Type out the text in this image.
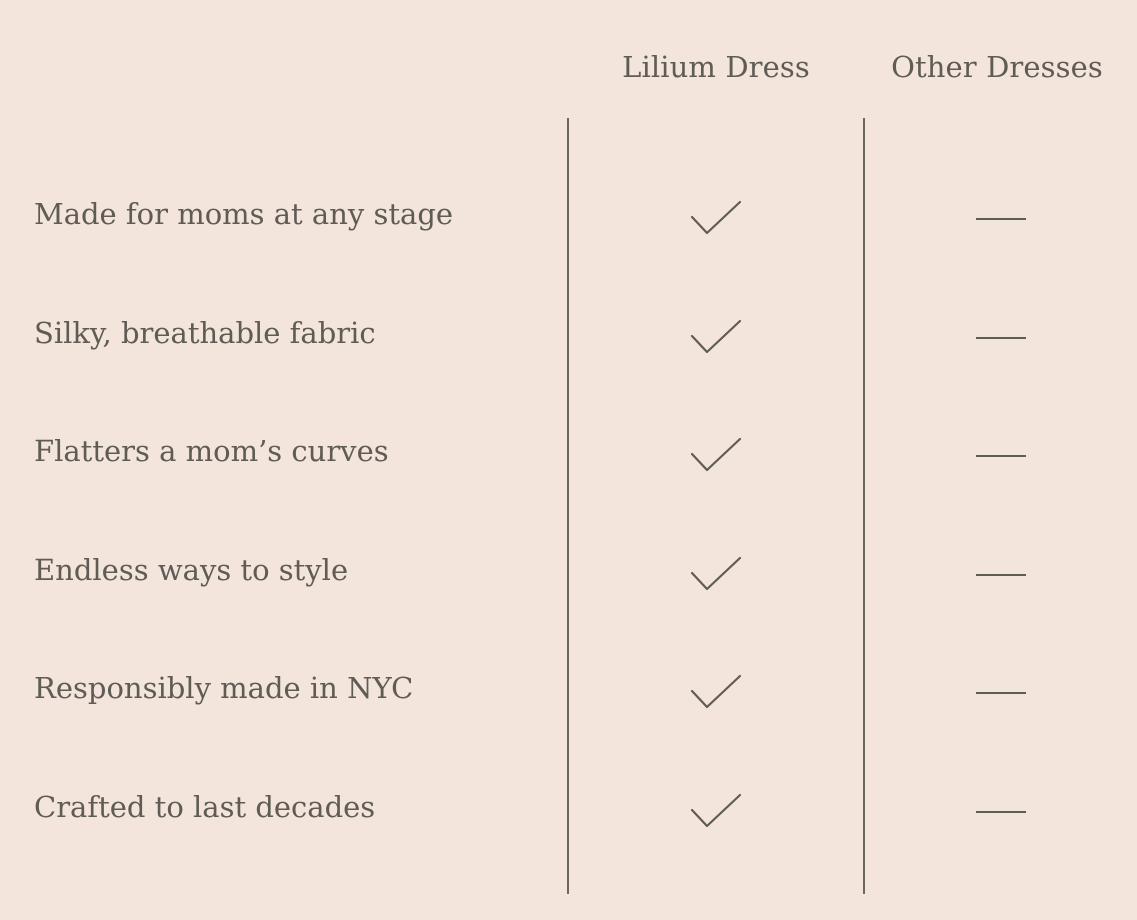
Lilium Dress	Other Dresses
Made for moms at any stage
Silky, breathable fabric
Flatters a mom’s curves
Endless ways to style
Responsibly made in NYC
Crafted to last decades
